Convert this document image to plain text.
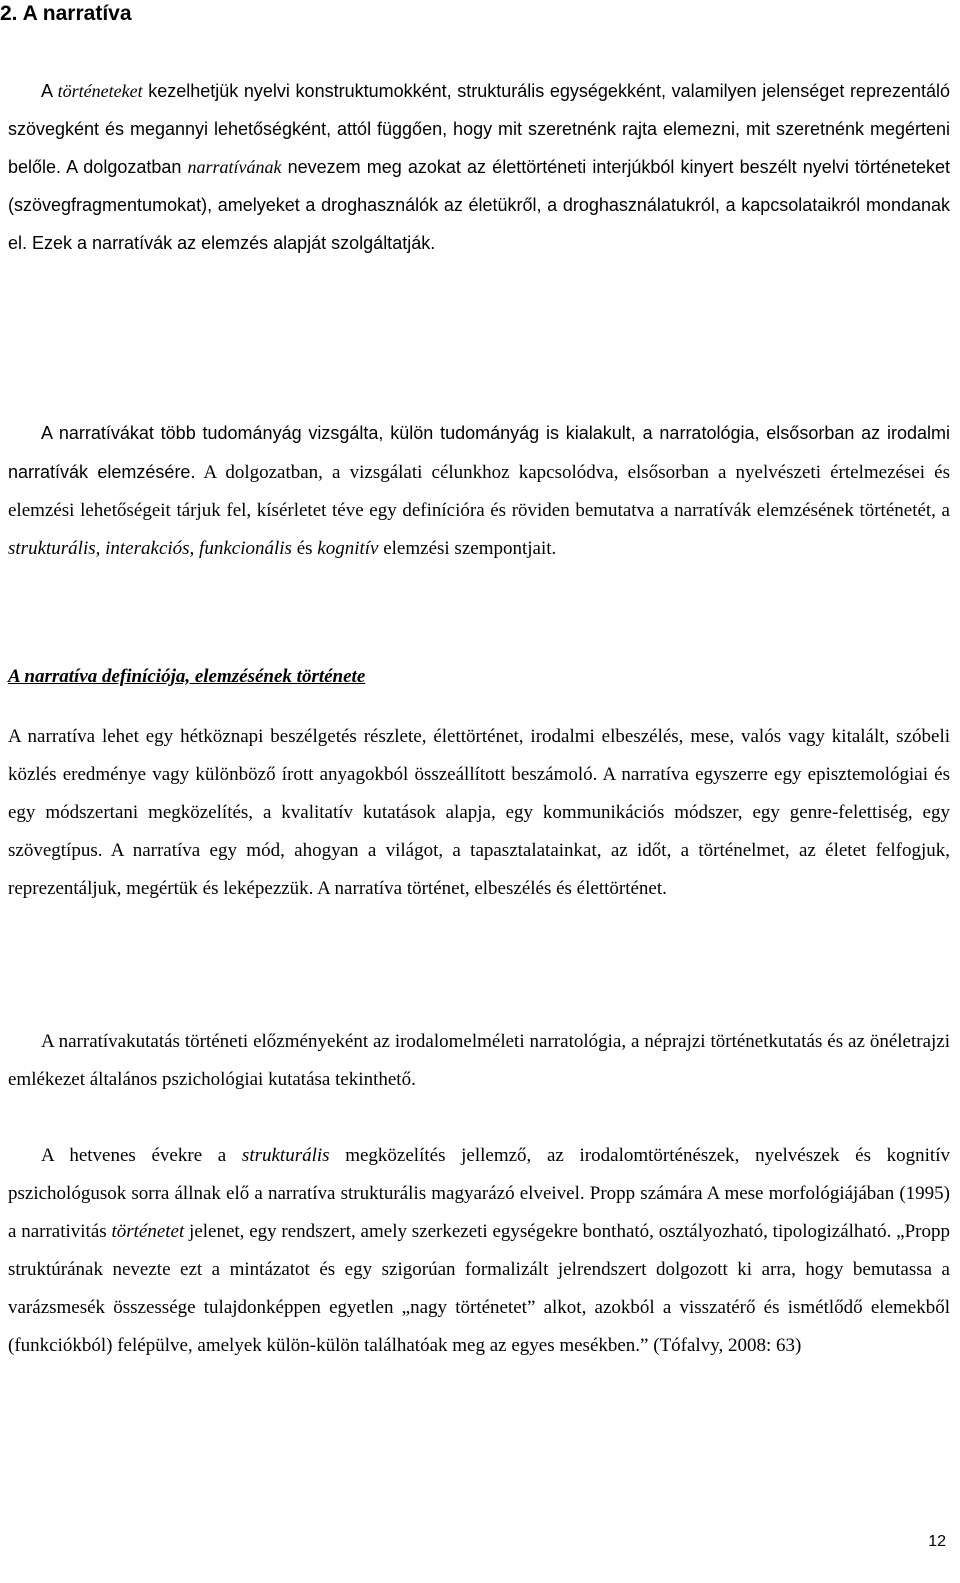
2. A narratíva

A történeteket kezelhetjük nyelvi konstruktumokként, strukturális egységekként, valamilyen jelenséget reprezentáló szövegként és megannyi lehetőségként, attól függően, hogy mit szeretnénk rajta elemezni, mit szeretnénk megérteni belőle. A dolgozatban narratívának nevezem meg azokat az élettörténeti interjúkból kinyert beszélt nyelvi történeteket (szövegfragmentumokat), amelyeket a droghasználók az életükről, a droghasználatukról, a kapcsolataikról mondanak el. Ezek a narratívák az elemzés alapját szolgáltatják.

A narratívákat több tudományág vizsgálta, külön tudományág is kialakult, a narratológia, elsősorban az irodalmi narratívák elemzésére. A dolgozatban, a vizsgálati célunkhoz kapcsolódva, elsősorban a nyelvészeti értelmezései és elemzési lehetőségeit tárjuk fel, kísérletet téve egy definícióra és röviden bemutatva a narratívák elemzésének történetét, a strukturális, interakciós, funkcionális és kognitív elemzési szempontjait.

A narratíva definíciója, elemzésének története

A narratíva lehet egy hétköznapi beszélgetés részlete, élettörténet, irodalmi elbeszélés, mese, valós vagy kitalált, szóbeli közlés eredménye vagy különböző írott anyagokból összeállított beszámoló. A narratíva egyszerre egy episztemológiai és egy módszertani megközelítés, a kvalitatív kutatások alapja, egy kommunikációs módszer, egy genre-felettiség, egy szövegtípus. A narratíva egy mód, ahogyan a világot, a tapasztalatainkat, az időt, a történelmet, az életet felfogjuk, reprezentáljuk, megértük és leképezzük. A narratíva történet, elbeszélés és élettörténet.

A narratívakutatás történeti előzményeként az irodalomelméleti narratológia, a néprajzi történetkutatás és az önéletrajzi emlékezet általános pszichológiai kutatása tekinthető.

A hetvenes évekre a strukturális megközelítés jellemző, az irodalomtörténészek, nyelvészek és kognitív pszichológusok sorra állnak elő a narratíva strukturális magyarázó elveivel. Propp számára A mese morfológiájában (1995) a narrativitás történetet jelenet, egy rendszert, amely szerkezeti egységekre bontható, osztályozható, tipologizálható. „Propp struktúrának nevezte ezt a mintázatot és egy szigorúan formalizált jelrendszert dolgozott ki arra, hogy bemutassa a varázsmesék összessége tulajdonképpen egyetlen „nagy történetet” alkot, azokból a visszatérő és ismétlődő elemekből (funkciókból) felépülve, amelyek külön-külön találhatóak meg az egyes mesékben.” (Tófalvy, 2008: 63)

12
